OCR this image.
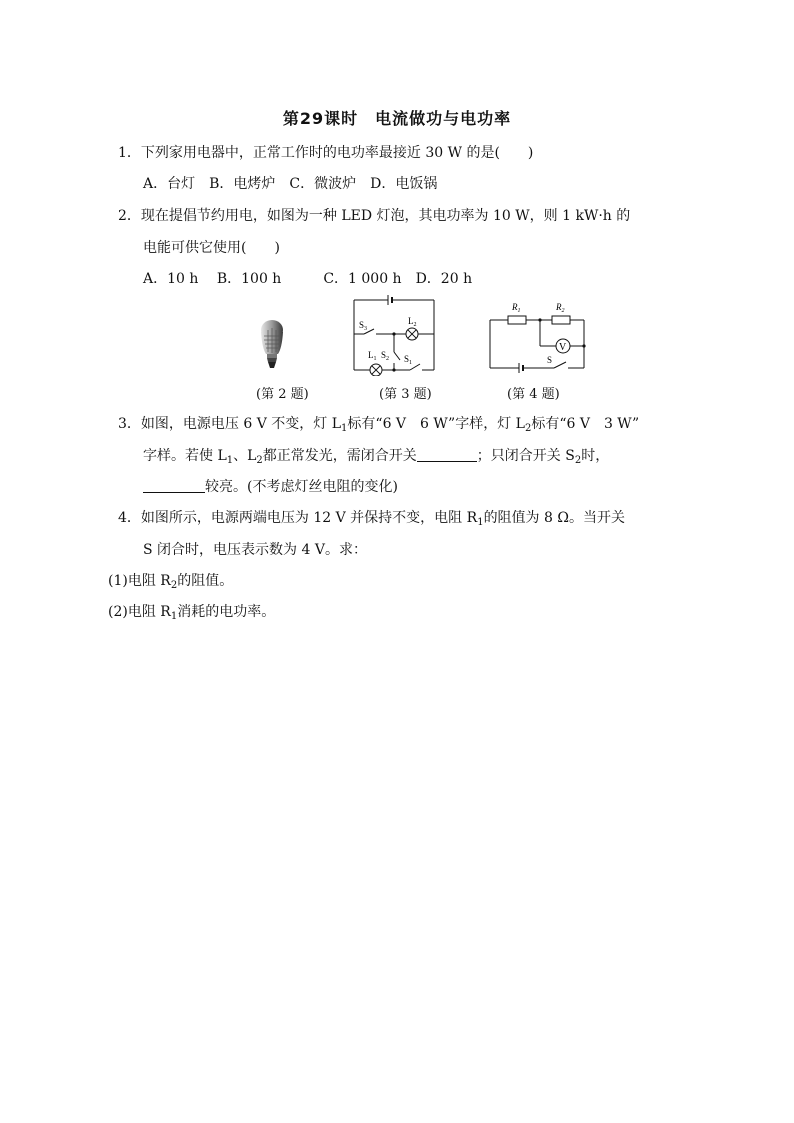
第29课时　电流做功与电功率
1．下列家用电器中，正常工作时的电功率最接近 30 W 的是(　　)
A．台灯　B．电烤炉　C．微波炉　D．电饭锅
2．现在提倡节约用电，如图为一种 LED 灯泡，其电功率为 10 W，则 1 kW·h 的
电能可供它使用(　　)
A．10 h　 B．100 h　　　C．1 000 h　D．20 h
(第 2 题)
$S_3$
$L_2$
$L_1$ $S_2$ $S_1$
(第 3 题)
V
$R_1$	$R_2$
S
(第 4 题)
3．如图，电源电压 6 V 不变，灯 $L_1$标有“6 V　6 W”字样，灯 $L_2$标有“6 V　3 W”
字样。若使 $L_1$、$L_2$都正常发光，需闭合开关	；只闭合开关 $S_2$时，
较亮。(不考虑灯丝电阻的变化)
4．如图所示，电源两端电压为 12 V 并保持不变，电阻 $R_1$的阻值为 8 Ω。当开关
S 闭合时，电压表示数为 4 V。求：
(1)电阻 $R_2$的阻值。
(2)电阻 $R_1$消耗的电功率。
